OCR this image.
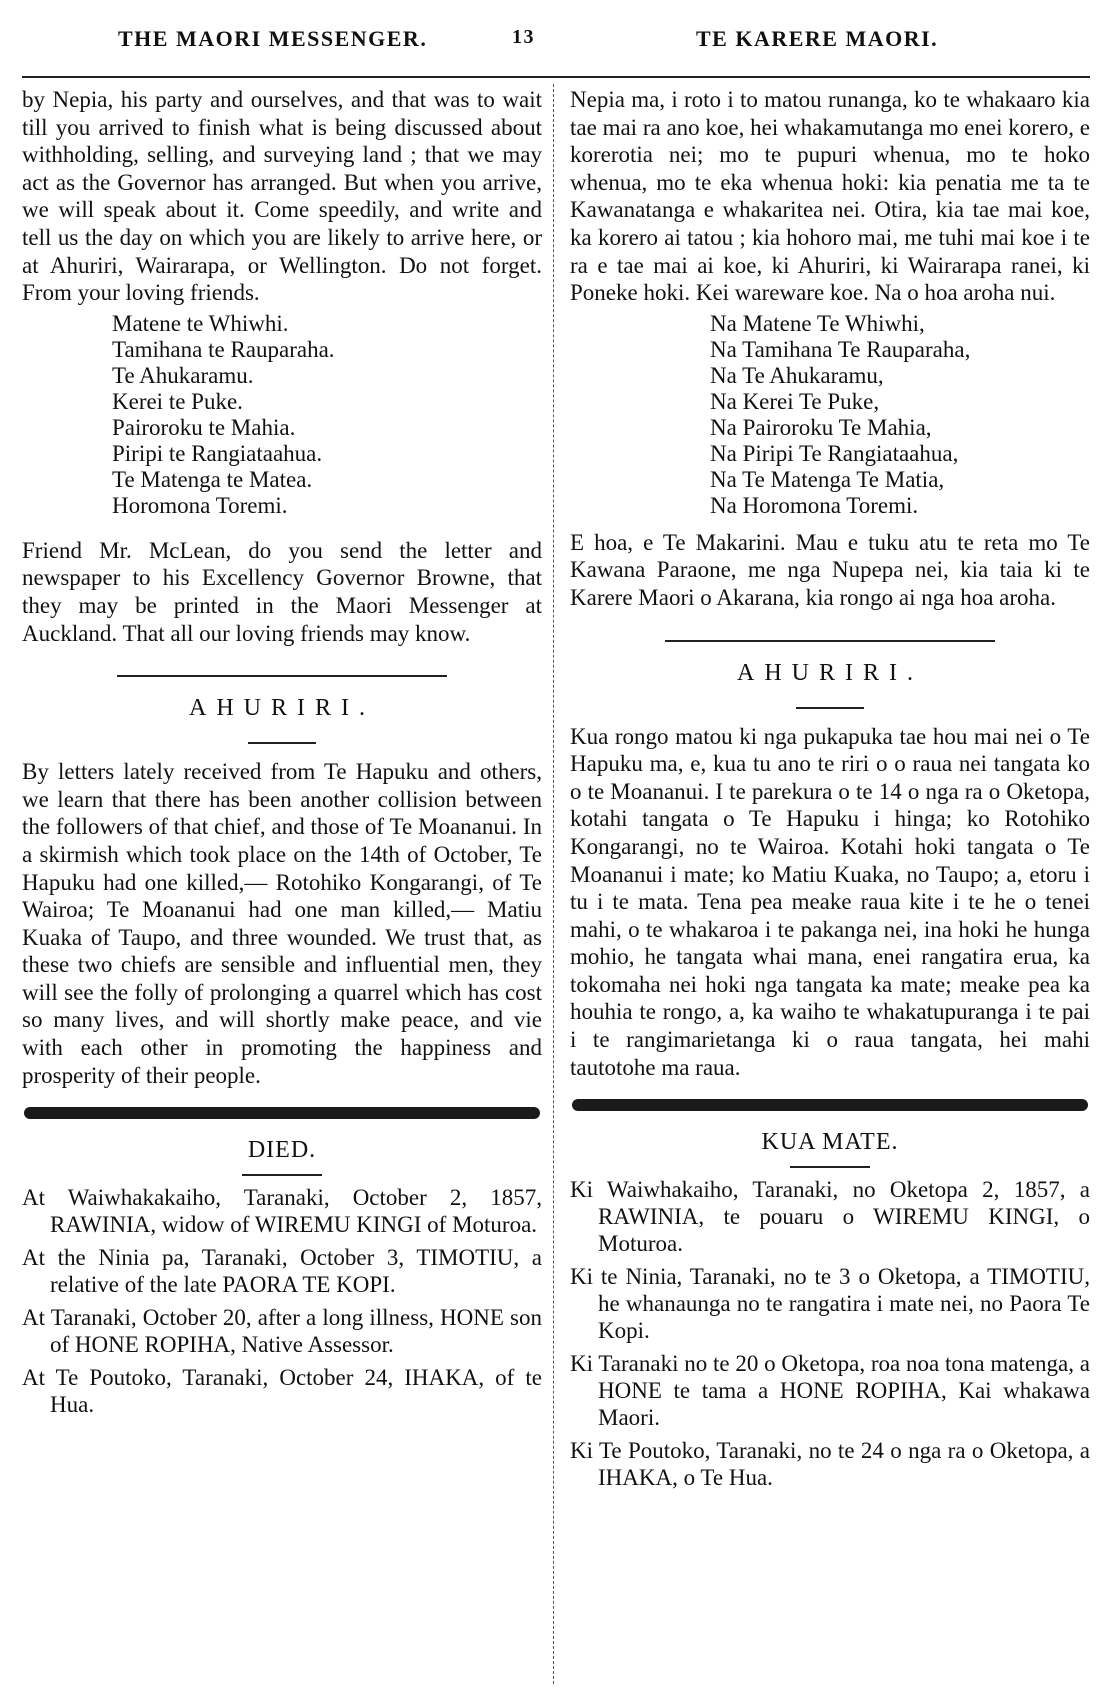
THE MAORI MESSENGER.	13	TE KARERE MAORI.

by Nepia, his party and ourselves, and that was to wait till you arrived to finish what is being discussed about withholding, selling, and surveying land ; that we may act as the Governor has arranged. But when you arrive, we will speak about it. Come speedily, and write and tell us the day on which you are likely to arrive here, or at Ahuriri, Wairarapa, or Wellington. Do not forget. From your loving friends.

Matene te Whiwhi.
Tamihana te Rauparaha.
Te Ahukaramu.
Kerei te Puke.
Pairoroku te Mahia.
Piripi te Rangiataahua.
Te Matenga te Matea.
Horomona Toremi.

Friend Mr. McLean, do you send the letter and newspaper to his Excellency Governor Browne, that they may be printed in the Maori Messenger at Auckland. That all our loving friends may know.

AHURIRI.

By letters lately received from Te Hapuku and others, we learn that there has been another collision between the followers of that chief, and those of Te Moananui. In a skirmish which took place on the 14th of October, Te Hapuku had one killed,— Rotohiko Kongarangi, of Te Wairoa; Te Moananui had one man killed,— Matiu Kuaka of Taupo, and three wounded. We trust that, as these two chiefs are sensible and influential men, they will see the folly of prolonging a quarrel which has cost so many lives, and will shortly make peace, and vie with each other in promoting the happiness and prosperity of their people.

DIED.

At Waiwhakakaiho, Taranaki, October 2, 1857, RAWINIA, widow of WIREMU KINGI of Moturoa.

At the Ninia pa, Taranaki, October 3, TIMOTIU, a relative of the late PAORA TE KOPI.

At Taranaki, October 20, after a long illness, HONE son of HONE ROPIHA, Native Assessor.

At Te Poutoko, Taranaki, October 24, IHAKA, of te Hua.

Nepia ma, i roto i to matou runanga, ko te whakaaro kia tae mai ra ano koe, hei whakamutanga mo enei korero, e korerotia nei; mo te pupuri whenua, mo te hoko whenua, mo te eka whenua hoki: kia penatia me ta te Kawanatanga e whakaritea nei. Otira, kia tae mai koe, ka korero ai tatou ; kia hohoro mai, me tuhi mai koe i te ra e tae mai ai koe, ki Ahuriri, ki Wairarapa ranei, ki Poneke hoki. Kei wareware koe. Na o hoa aroha nui.

Na Matene Te Whiwhi,
Na Tamihana Te Rauparaha,
Na Te Ahukaramu,
Na Kerei Te Puke,
Na Pairoroku Te Mahia,
Na Piripi Te Rangiataahua,
Na Te Matenga Te Matia,
Na Horomona Toremi.

E hoa, e Te Makarini. Mau e tuku atu te reta mo Te Kawana Paraone, me nga Nupepa nei, kia taia ki te Karere Maori o Akarana, kia rongo ai nga hoa aroha.

AHURIRI.

Kua rongo matou ki nga pukapuka tae hou mai nei o Te Hapuku ma, e, kua tu ano te riri o o raua nei tangata ko o te Moananui. I te parekura o te 14 o nga ra o Oketopa, kotahi tangata o Te Hapuku i hinga; ko Rotohiko Kongarangi, no te Wairoa. Kotahi hoki tangata o Te Moananui i mate; ko Matiu Kuaka, no Taupo; a, etoru i tu i te mata. Tena pea meake raua kite i te he o tenei mahi, o te whakaroa i te pakanga nei, ina hoki he hunga mohio, he tangata whai mana, enei rangatira erua, ka tokomaha nei hoki nga tangata ka mate; meake pea ka houhia te rongo, a, ka waiho te whakatupuranga i te pai i te rangimarietanga ki o raua tangata, hei mahi tautotohe ma raua.

KUA MATE.

Ki Waiwhakaiho, Taranaki, no Oketopa 2, 1857, a RAWINIA, te pouaru o WIREMU KINGI, o Moturoa.

Ki te Ninia, Taranaki, no te 3 o Oketopa, a TIMOTIU, he whanaunga no te rangatira i mate nei, no Paora Te Kopi.

Ki Taranaki no te 20 o Oketopa, roa noa tona matenga, a HONE te tama a HONE ROPIHA, Kai whakawa Maori.

Ki Te Poutoko, Taranaki, no te 24 o nga ra o Oketopa, a IHAKA, o Te Hua.
